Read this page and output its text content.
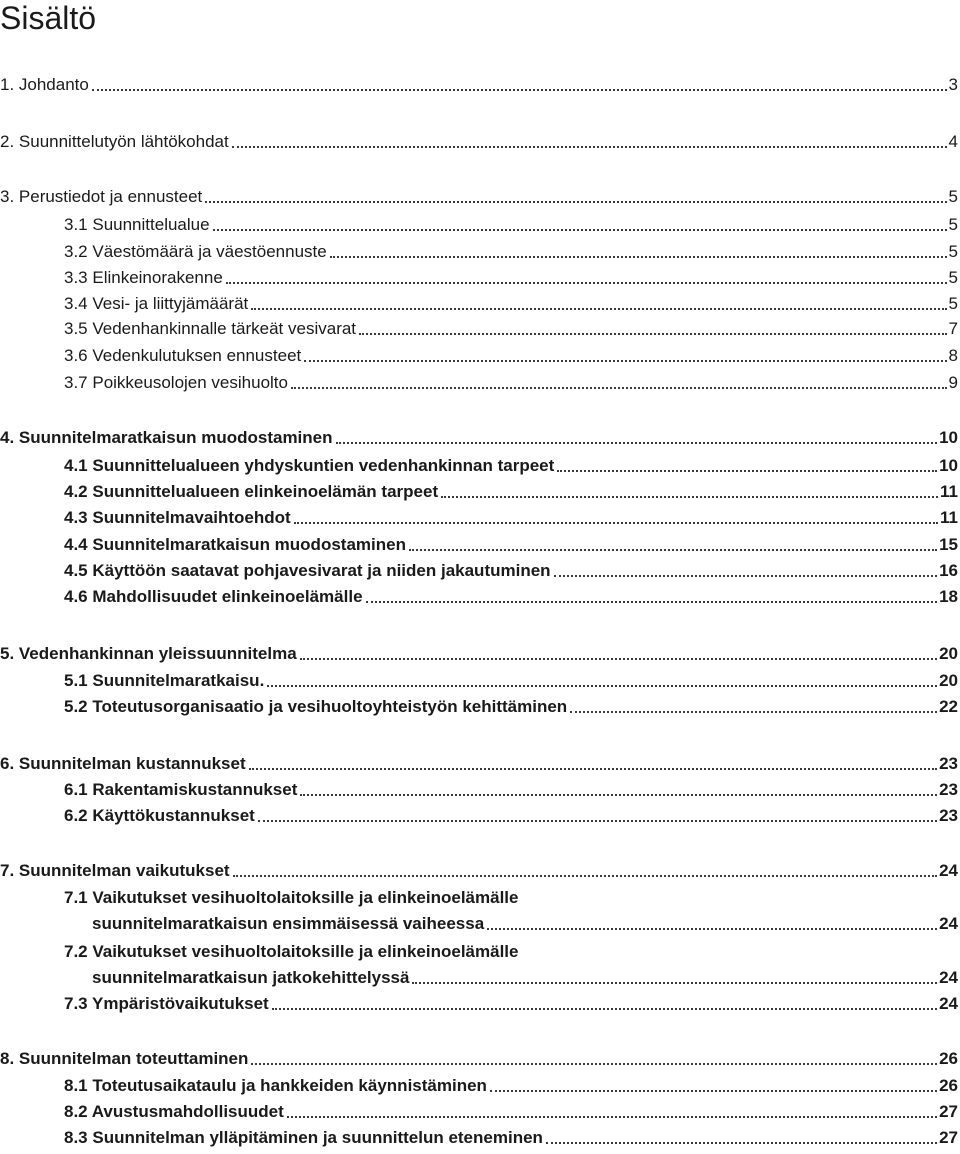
Sisältö
1. Johdanto	3
2. Suunnittelutyön lähtökohdat	4
3. Perustiedot ja ennusteet	5
3.1 Suunnittelualue	5
3.2 Väestömäärä ja väestöennuste	5
3.3 Elinkeinorakenne	5
3.4 Vesi- ja liittyjämäärät	5
3.5 Vedenhankinnalle tärkeät vesivarat	7
3.6 Vedenkulutuksen ennusteet	8
3.7 Poikkeusolojen vesihuolto	9
4. Suunnitelmaratkaisun muodostaminen	10
4.1 Suunnittelualueen yhdyskuntien vedenhankinnan tarpeet	10
4.2 Suunnittelualueen elinkeinoelämän tarpeet	11
4.3 Suunnitelmavaihtoehdot	11
4.4 Suunnitelmaratkaisun muodostaminen	15
4.5 Käyttöön saatavat pohjavesivarat ja niiden jakautuminen	16
4.6 Mahdollisuudet elinkeinoelämälle	18
5. Vedenhankinnan yleissuunnitelma	20
5.1 Suunnitelmaratkaisu.	20
5.2 Toteutusorganisaatio ja vesihuoltoyhteistyön kehittäminen	22
6. Suunnitelman kustannukset	23
6.1 Rakentamiskustannukset	23
6.2 Käyttökustannukset	23
7. Suunnitelman vaikutukset	24
7.1 Vaikutukset vesihuoltolaitoksille ja elinkeinoelämälle
suunnitelmaratkaisun ensimmäisessä vaiheessa	24
7.2 Vaikutukset vesihuoltolaitoksille ja elinkeinoelämälle
suunnitelmaratkaisun jatkokehittelyssä	24
7.3 Ympäristövaikutukset	24
8. Suunnitelman toteuttaminen	26
8.1 Toteutusaikataulu ja hankkeiden käynnistäminen	26
8.2 Avustusmahdollisuudet	27
8.3 Suunnitelman ylläpitäminen ja suunnittelun eteneminen	27
